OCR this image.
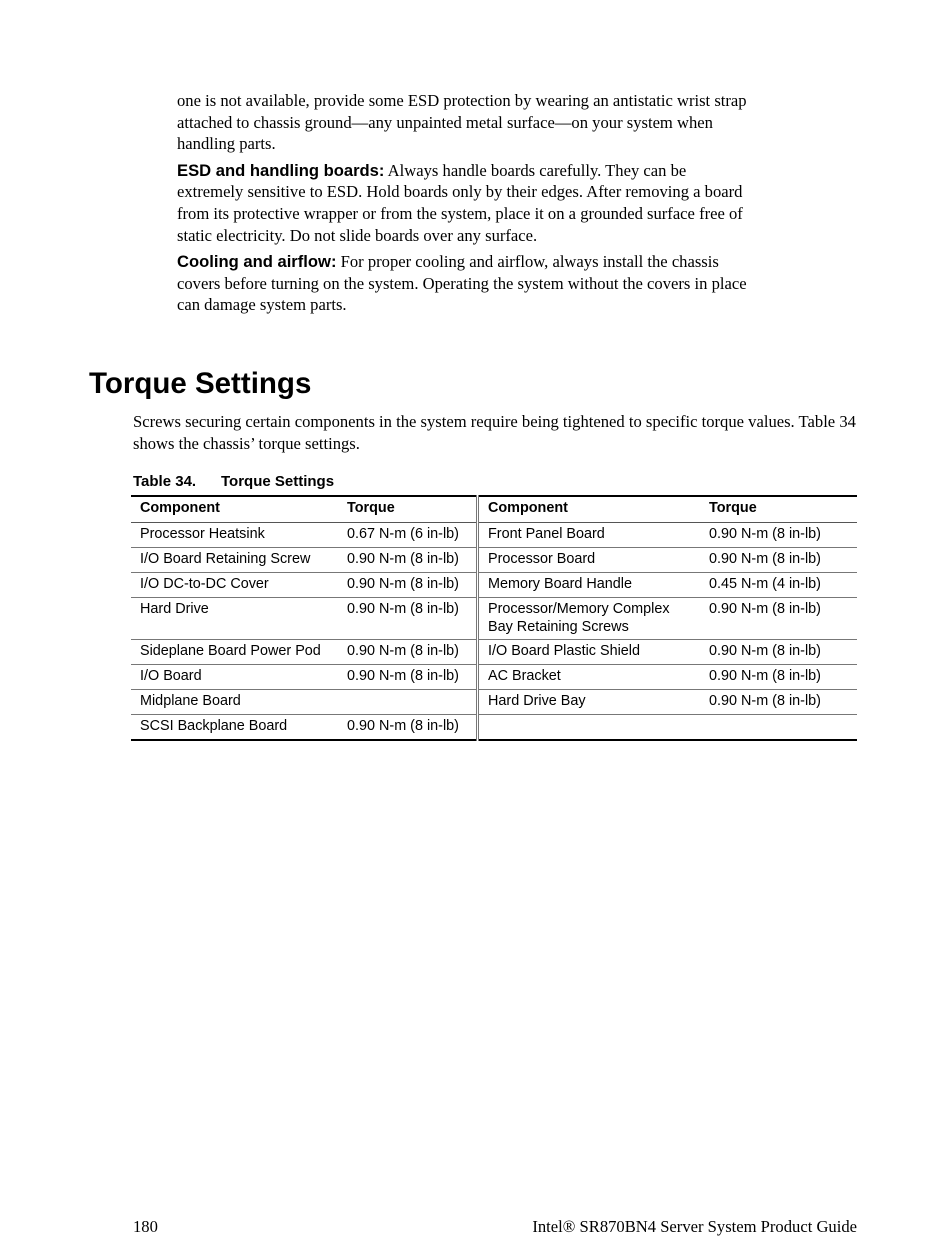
one is not available, provide some ESD protection by wearing an antistatic wrist strap attached to chassis ground—any unpainted metal surface—on your system when handling parts.

ESD and handling boards: Always handle boards carefully. They can be extremely sensitive to ESD. Hold boards only by their edges. After removing a board from its protective wrapper or from the system, place it on a grounded surface free of static electricity. Do not slide boards over any surface.

Cooling and airflow: For proper cooling and airflow, always install the chassis covers before turning on the system. Operating the system without the covers in place can damage system parts.

Torque Settings

Screws securing certain components in the system require being tightened to specific torque values. Table 34 shows the chassis’ torque settings.

Table 34. Torque Settings

Component	Torque	Component	Torque
Processor Heatsink	0.67 N-m (6 in-lb)	Front Panel Board	0.90 N-m (8 in-lb)
I/O Board Retaining Screw	0.90 N-m (8 in-lb)	Processor Board	0.90 N-m (8 in-lb)
I/O DC-to-DC Cover	0.90 N-m (8 in-lb)	Memory Board Handle	0.45 N-m (4 in-lb)
Hard Drive	0.90 N-m (8 in-lb)	Processor/Memory Complex Bay Retaining Screws	0.90 N-m (8 in-lb)
Sideplane Board Power Pod	0.90 N-m (8 in-lb)	I/O Board Plastic Shield	0.90 N-m (8 in-lb)
I/O Board	0.90 N-m (8 in-lb)	AC Bracket	0.90 N-m (8 in-lb)
Midplane Board		Hard Drive Bay	0.90 N-m (8 in-lb)
SCSI Backplane Board	0.90 N-m (8 in-lb)		
180	Intel® SR870BN4 Server System Product Guide
